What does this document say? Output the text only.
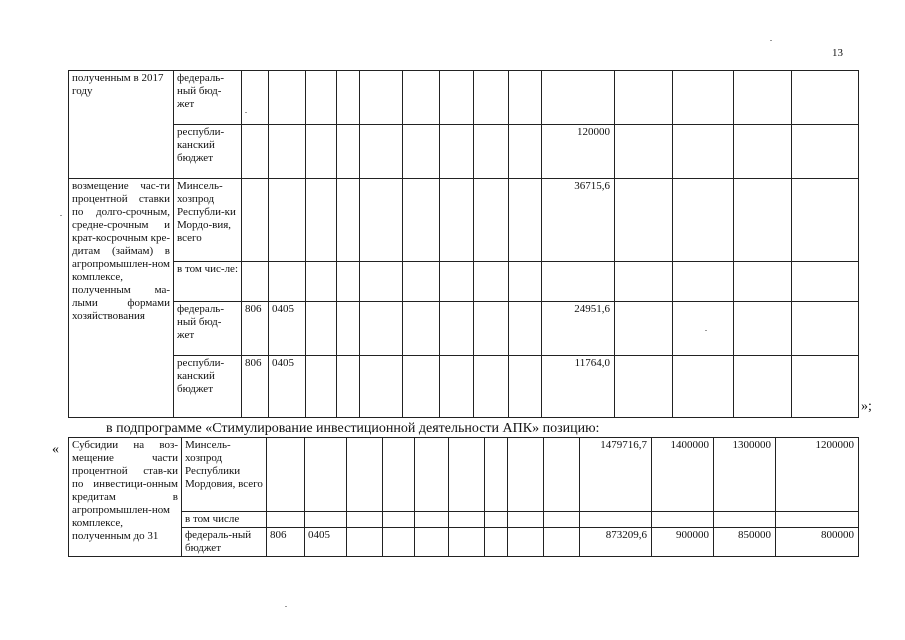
13
полученным в 2017 году	федераль-ный бюд-жет														
	республи-канский бюджет										120000				
возмещение час-ти процентной ставки по долго-срочным, средне-срочным и крат-косрочным кре-дитам (займам) в агропромышлен-ном комплексе, полученным ма-лыми формами хозяйствования	Минсель-хозпрод Республи-ки Мордо-вия, всего										36715,6				
	в том чис-ле:														
	федераль-ный бюд-жет	806	0405								24951,6				
	республи-канский бюджет	806	0405								11764,0				
»;
в подпрограмме «Стимулирование инвестиционной деятельности АПК» позицию:
« Субсидии на воз-мещение части процентной став-ки по инвестици-онным кредитам в агропромышлен-ном комплексе, полученным до 31	Минсель-хозпрод Республики Мордовия, всего										1479716,7	1400000	1300000	1200000
	в том числе													
	федераль-ный бюджет	806	0405								873209,6	900000	850000	800000
